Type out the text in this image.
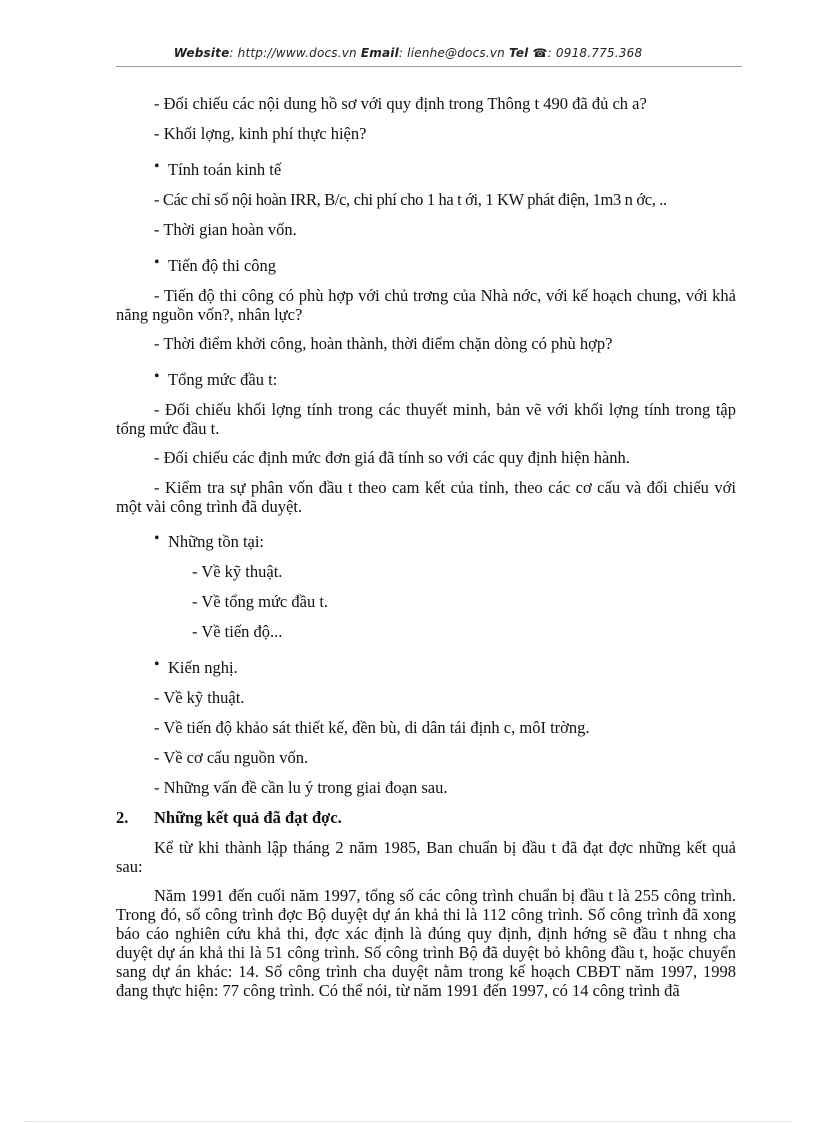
Website: http://www.docs.vn Email: lienhe@docs.vn Tel ☎: 0918.775.368
- Đối chiếu các nội dung hồ sơ với quy định trong Thông t 490 đã đủ ch a?
- Khối lợng, kinh phí thực hiện?
• Tính toán kinh tế
- Các chỉ số nội hoàn IRR, B/c, chi phí cho 1 ha t ới, 1 KW phát điện, 1m3 n ớc, ..
- Thời gian hoàn vốn.
• Tiến độ thi công
- Tiến độ thi công có phù hợp với chủ trơng của Nhà nớc, với kế hoạch chung, với khả năng nguồn vốn?, nhân lực?
- Thời điểm khởi công, hoàn thành, thời điểm chặn dòng có phù hợp?
• Tổng mức đầu t:
- Đối chiếu khối lợng tính trong các thuyết minh, bản vẽ với khối lợng tính trong tập tổng mức đầu t.
- Đối chiếu các định mức đơn giá đã tính so với các quy định hiện hành.
- Kiểm tra sự phân vốn đầu t theo cam kết của tỉnh, theo các cơ cấu và đối chiếu với một vài công trình đã duyệt.
• Những tồn tại:
- Về kỹ thuật.
- Về tổng mức đầu t.
- Về tiến độ...
• Kiến nghị.
- Về kỹ thuật.
- Về tiến độ khảo sát thiết kế, đền bù, di dân tái định c, môI trờng.
- Về cơ cấu nguồn vốn.
- Những vấn đề cần lu ý trong giai đoạn sau.
2. Những kết quả đã đạt đợc.
Kể từ khi thành lập tháng 2 năm 1985, Ban chuẩn bị đầu t đã đạt đợc những kết quả sau:
Năm 1991 đến cuối năm 1997, tổng số các công trình chuẩn bị đầu t là 255 công trình. Trong đó, số công trình đợc Bộ duyệt dự án khả thi là 112 công trình. Số công trình đã xong báo cáo nghiên cứu khả thi, đợc xác định là đúng quy định, định hớng sẽ đầu t nhng cha duyệt dự án khả thi là 51 công trình. Số công trình Bộ đã duyệt bỏ không đầu t, hoặc chuyển sang dự án khác: 14. Số công trình cha duyệt nằm trong kế hoạch CBĐT năm 1997, 1998 đang thực hiện: 77 công trình. Có thể nói, từ năm 1991 đến 1997, có 14 công trình đã
